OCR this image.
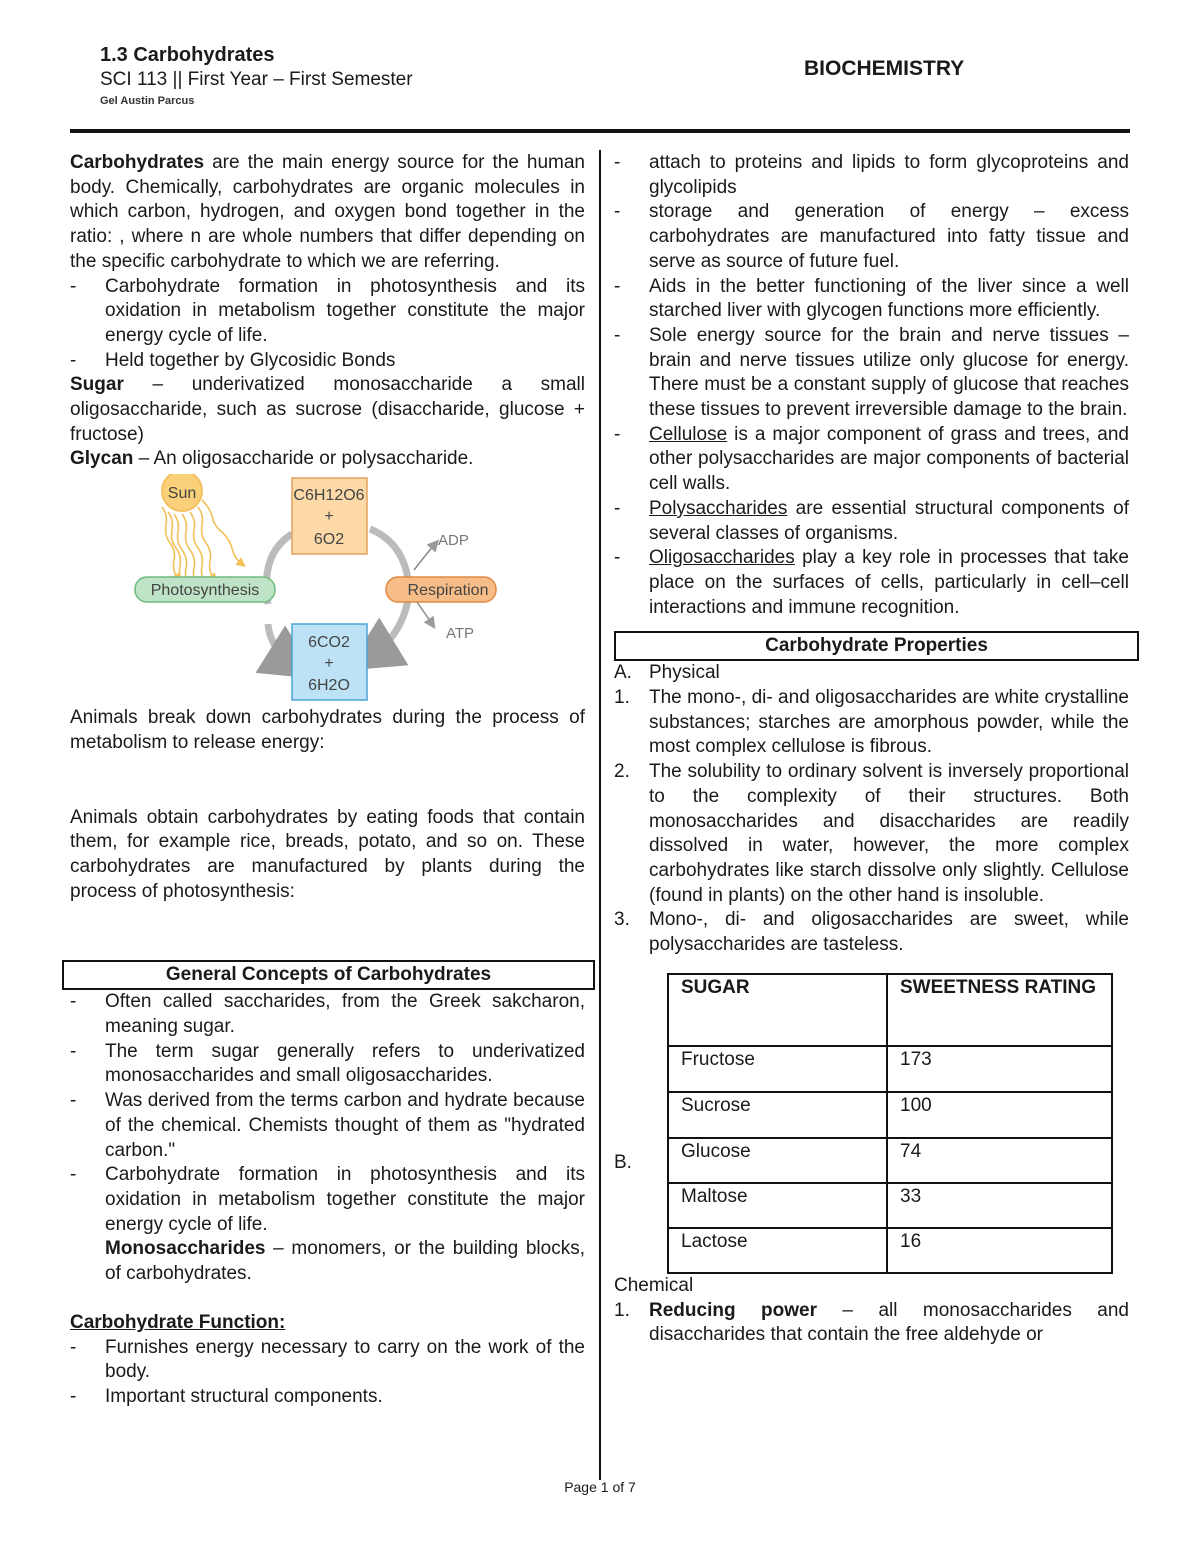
1.3 Carbohydrates
SCI 113 || First Year – First Semester
Gel Austin Parcus
BIOCHEMISTRY
Carbohydrates are the main energy source for the human body. Chemically, carbohydrates are organic molecules in which carbon, hydrogen, and oxygen bond together in the ratio: , where n are whole numbers that differ depending on the specific carbohydrate to which we are referring.
- Carbohydrate formation in photosynthesis and its oxidation in metabolism together constitute the major energy cycle of life.
- Held together by Glycosidic Bonds
Sugar – underivatized monosaccharide a small oligosaccharide, such as sucrose (disaccharide, glucose + fructose)
Glycan – An oligosaccharide or polysaccharide.
Sun	C6H12O6
+
6O2
6CO2
+
6H2O
Photosynthesis	Respiration
ADP
ATP
Animals break down carbohydrates during the process of metabolism to release energy:
Animals obtain carbohydrates by eating foods that contain them, for example rice, breads, potato, and so on. These carbohydrates are manufactured by plants during the process of photosynthesis:
General Concepts of Carbohydrates
- Often called saccharides, from the Greek sakcharon, meaning sugar.
- The term sugar generally refers to underivatized monosaccharides and small oligosaccharides.
- Was derived from the terms carbon and hydrate because of the chemical. Chemists thought of them as "hydrated carbon."
- Carbohydrate formation in photosynthesis and its oxidation in metabolism together constitute the major energy cycle of life.
Monosaccharides – monomers, or the building blocks, of carbohydrates.
Carbohydrate Function:
- Furnishes energy necessary to carry on the work of the body.
- Important structural components.
- attach to proteins and lipids to form glycoproteins and glycolipids
- storage and generation of energy – excess carbohydrates are manufactured into fatty tissue and serve as source of future fuel.
- Aids in the better functioning of the liver since a well starched liver with glycogen functions more efficiently.
- Sole energy source for the brain and nerve tissues – brain and nerve tissues utilize only glucose for energy. There must be a constant supply of glucose that reaches these tissues to prevent irreversible damage to the brain.
- Cellulose is a major component of grass and trees, and other polysaccharides are major components of bacterial cell walls.
- Polysaccharides are essential structural components of several classes of organisms.
- Oligosaccharides play a key role in processes that take place on the surfaces of cells, particularly in cell–cell interactions and immune recognition.
Carbohydrate Properties
A. Physical
1. The mono-, di- and oligosaccharides are white crystalline substances; starches are amorphous powder, while the most complex cellulose is fibrous.
2. The solubility to ordinary solvent is inversely proportional to the complexity of their structures. Both monosaccharides and disaccharides are readily dissolved in water, however, the more complex carbohydrates like starch dissolve only slightly. Cellulose (found in plants) on the other hand is insoluble.
3. Mono-, di- and oligosaccharides are sweet, while polysaccharides are tasteless.
B.
SUGAR	SWEETNESS RATING
Fructose	173
Sucrose	100
Glucose	74
Maltose	33
Lactose	16
Chemical
1. Reducing power – all monosaccharides and disaccharides that contain the free aldehyde or
Page 1 of 7
